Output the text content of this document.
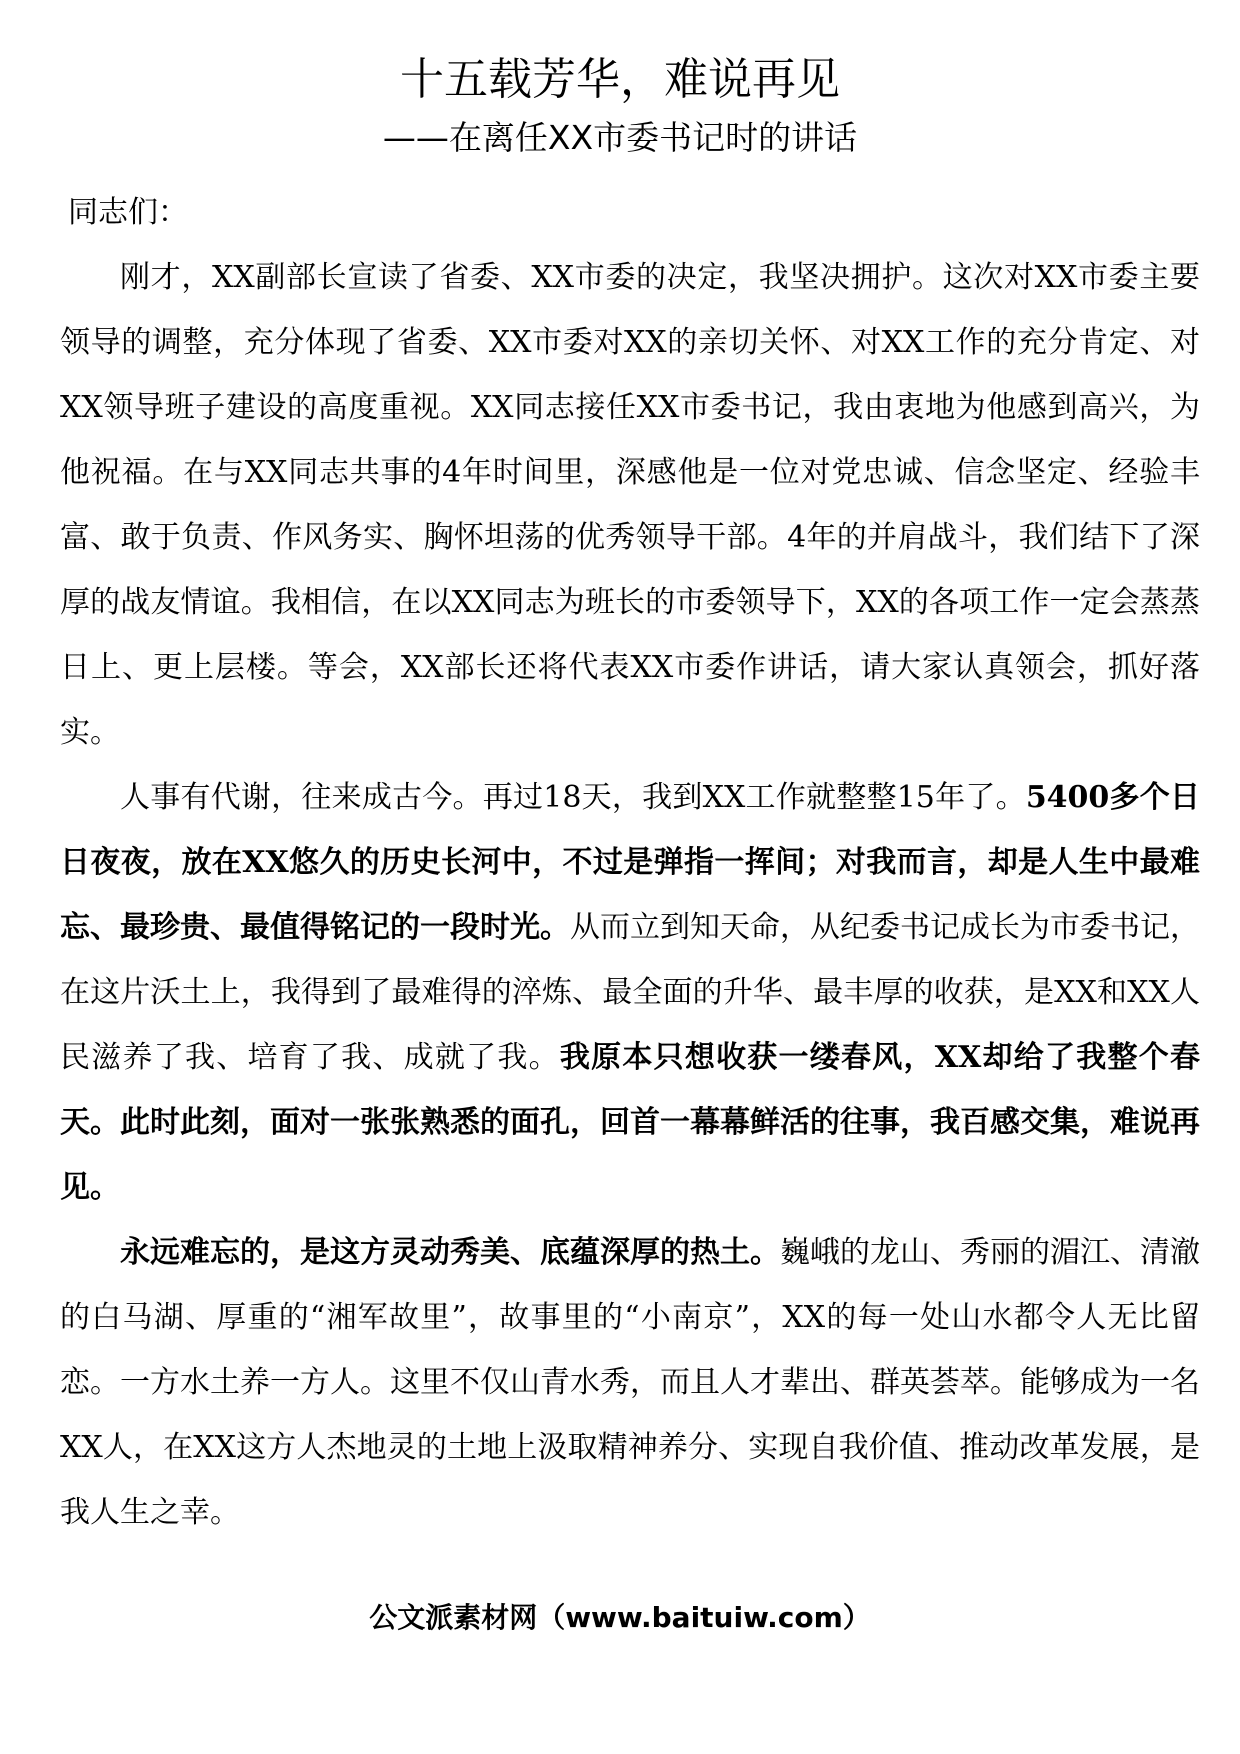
十五载芳华，难说再见

——在离任XX市委书记时的讲话

同志们：

刚才，XX副部长宣读了省委、XX市委的决定，我坚决拥护。这次对XX市委主要领导的调整，充分体现了省委、XX市委对XX的亲切关怀、对XX工作的充分肯定、对XX领导班子建设的高度重视。XX同志接任XX市委书记，我由衷地为他感到高兴，为他祝福。在与XX同志共事的4年时间里，深感他是一位对党忠诚、信念坚定、经验丰富、敢于负责、作风务实、胸怀坦荡的优秀领导干部。4年的并肩战斗，我们结下了深厚的战友情谊。我相信，在以XX同志为班长的市委领导下，XX的各项工作一定会蒸蒸日上、更上层楼。等会，XX部长还将代表XX市委作讲话，请大家认真领会，抓好落实。

人事有代谢，往来成古今。再过18天，我到XX工作就整整15年了。5400多个日日夜夜，放在XX悠久的历史长河中，不过是弹指一挥间；对我而言，却是人生中最难忘、最珍贵、最值得铭记的一段时光。从而立到知天命，从纪委书记成长为市委书记，在这片沃土上，我得到了最难得的淬炼、最全面的升华、最丰厚的收获，是XX和XX人民滋养了我、培育了我、成就了我。我原本只想收获一缕春风，XX却给了我整个春天。此时此刻，面对一张张熟悉的面孔，回首一幕幕鲜活的往事，我百感交集，难说再见。

永远难忘的，是这方灵动秀美、底蕴深厚的热土。巍峨的龙山、秀丽的湄江、清澈的白马湖、厚重的“湘军故里”，故事里的“小南京”，XX的每一处山水都令人无比留恋。一方水土养一方人。这里不仅山青水秀，而且人才辈出、群英荟萃。能够成为一名XX人，在XX这方人杰地灵的土地上汲取精神养分、实现自我价值、推动改革发展，是我人生之幸。

公文派素材网（www.baituiw.com）
